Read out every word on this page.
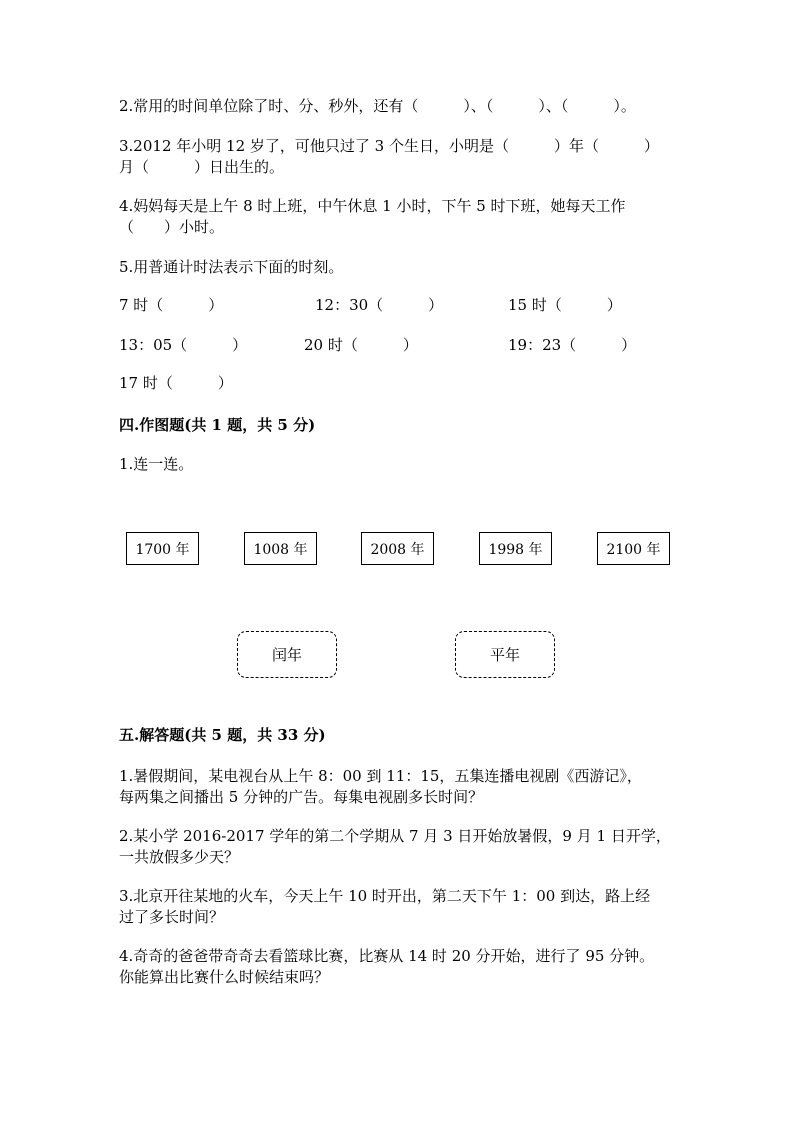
2.常用的时间单位除了时、分、秒外，还有（　　　）、（　　　）、（　　　）。
3.2012 年小明 12 岁了，可他只过了 3 个生日，小明是（　　　）年（　　　）
月（　　　）日出生的。
4.妈妈每天是上午 8 时上班，中午休息 1 小时，下午 5 时下班，她每天工作
（　　）小时。
5.用普通计时法表示下面的时刻。
7 时（　　　）	12：30（　　　）	15 时（　　　）
13：05（　　　）	20 时（　　　）	19：23（　　　）
17 时（　　　）
四.作图题(共 1 题，共 5 分)
1.连一连。
1700 年	1008 年	2008 年	1998 年	2100 年
闰年	平年
五.解答题(共 5 题，共 33 分)
1.暑假期间，某电视台从上午 8：00 到 11：15，五集连播电视剧《西游记》，
每两集之间播出 5 分钟的广告。每集电视剧多长时间？
2.某小学 2016-2017 学年的第二个学期从 7 月 3 日开始放暑假，9 月 1 日开学，
一共放假多少天？
3.北京开往某地的火车，今天上午 10 时开出，第二天下午 1：00 到达，路上经
过了多长时间？
4.奇奇的爸爸带奇奇去看篮球比赛，比赛从 14 时 20 分开始，进行了 95 分钟。
你能算出比赛什么时候结束吗？
